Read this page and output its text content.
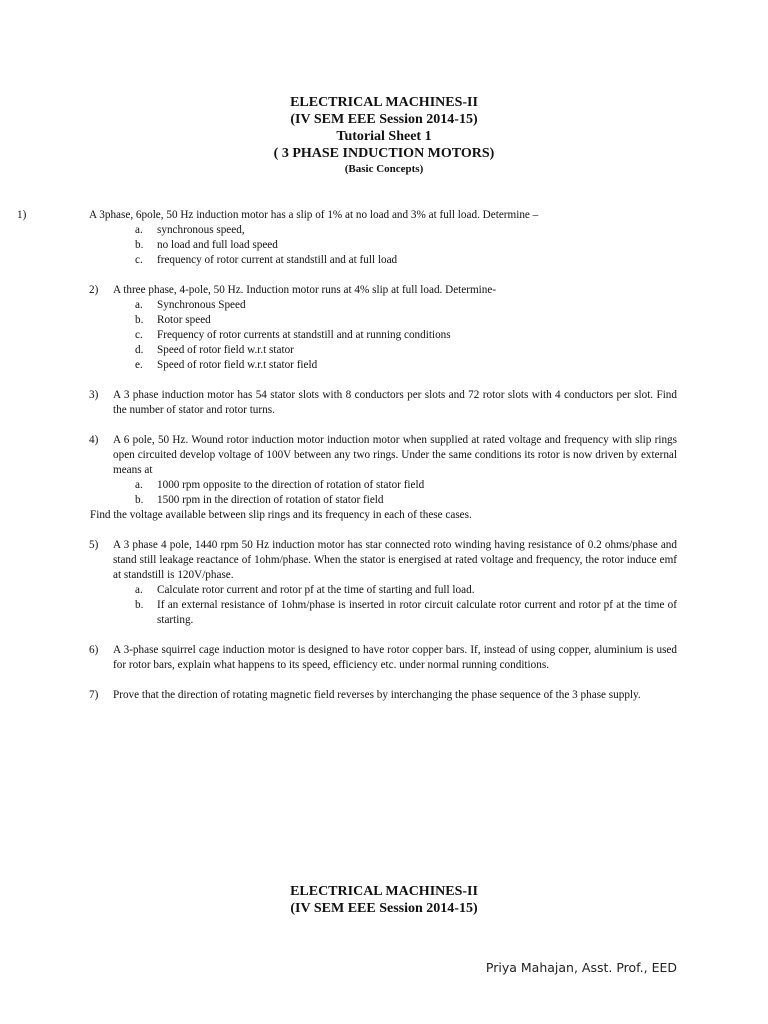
ELECTRICAL MACHINES-II
(IV SEM EEE Session 2014-15)
Tutorial Sheet 1
( 3 PHASE INDUCTION MOTORS)
(Basic Concepts)
1)	A 3phase, 6pole, 50 Hz induction motor has a slip of 1% at no load and 3% at full load. Determine –

a. synchronous speed,
b. no load and full load speed
c. frequency of rotor current at standstill and at full load
2) A three phase, 4-pole, 50 Hz. Induction motor runs at 4% slip at full load. Determine-

a. Synchronous Speed
b. Rotor speed
c. Frequency of rotor currents at standstill and at running conditions
d. Speed of rotor field w.r.t stator
e. Speed of rotor field w.r.t stator field
3) A 3 phase induction motor has 54 stator slots with 8 conductors per slots and 72 rotor slots with 4 conductors per slot. Find the number of stator and rotor turns.

4) A 6 pole, 50 Hz. Wound rotor induction motor induction motor when supplied at rated voltage and frequency with slip rings open circuited develop voltage of 100V between any two rings. Under the same conditions its rotor is now driven by external means at

a. 1000 rpm opposite to the direction of rotation of stator field
b. 1500 rpm in the direction of rotation of stator field
Find the voltage available between slip rings and its frequency in each of these cases.
5) A 3 phase 4 pole, 1440 rpm 50 Hz induction motor has star connected roto winding having resistance of 0.2 ohms/phase and stand still leakage reactance of 1ohm/phase. When the stator is energised at rated voltage and frequency, the rotor induce emf at standstill is 120V/phase.

a. Calculate rotor current and rotor pf at the time of starting and full load.
b. If an external resistance of 1ohm/phase is inserted in rotor circuit calculate rotor current and rotor pf at the time of starting.
6) A 3-phase squirrel cage induction motor is designed to have rotor copper bars. If, instead of using copper, aluminium is used for rotor bars, explain what happens to its speed, efficiency etc. under normal running conditions.

7) Prove that the direction of rotating magnetic field reverses by interchanging the phase sequence of the 3 phase supply.

ELECTRICAL MACHINES-II
(IV SEM EEE Session 2014-15)
Priya Mahajan, Asst. Prof., EED
